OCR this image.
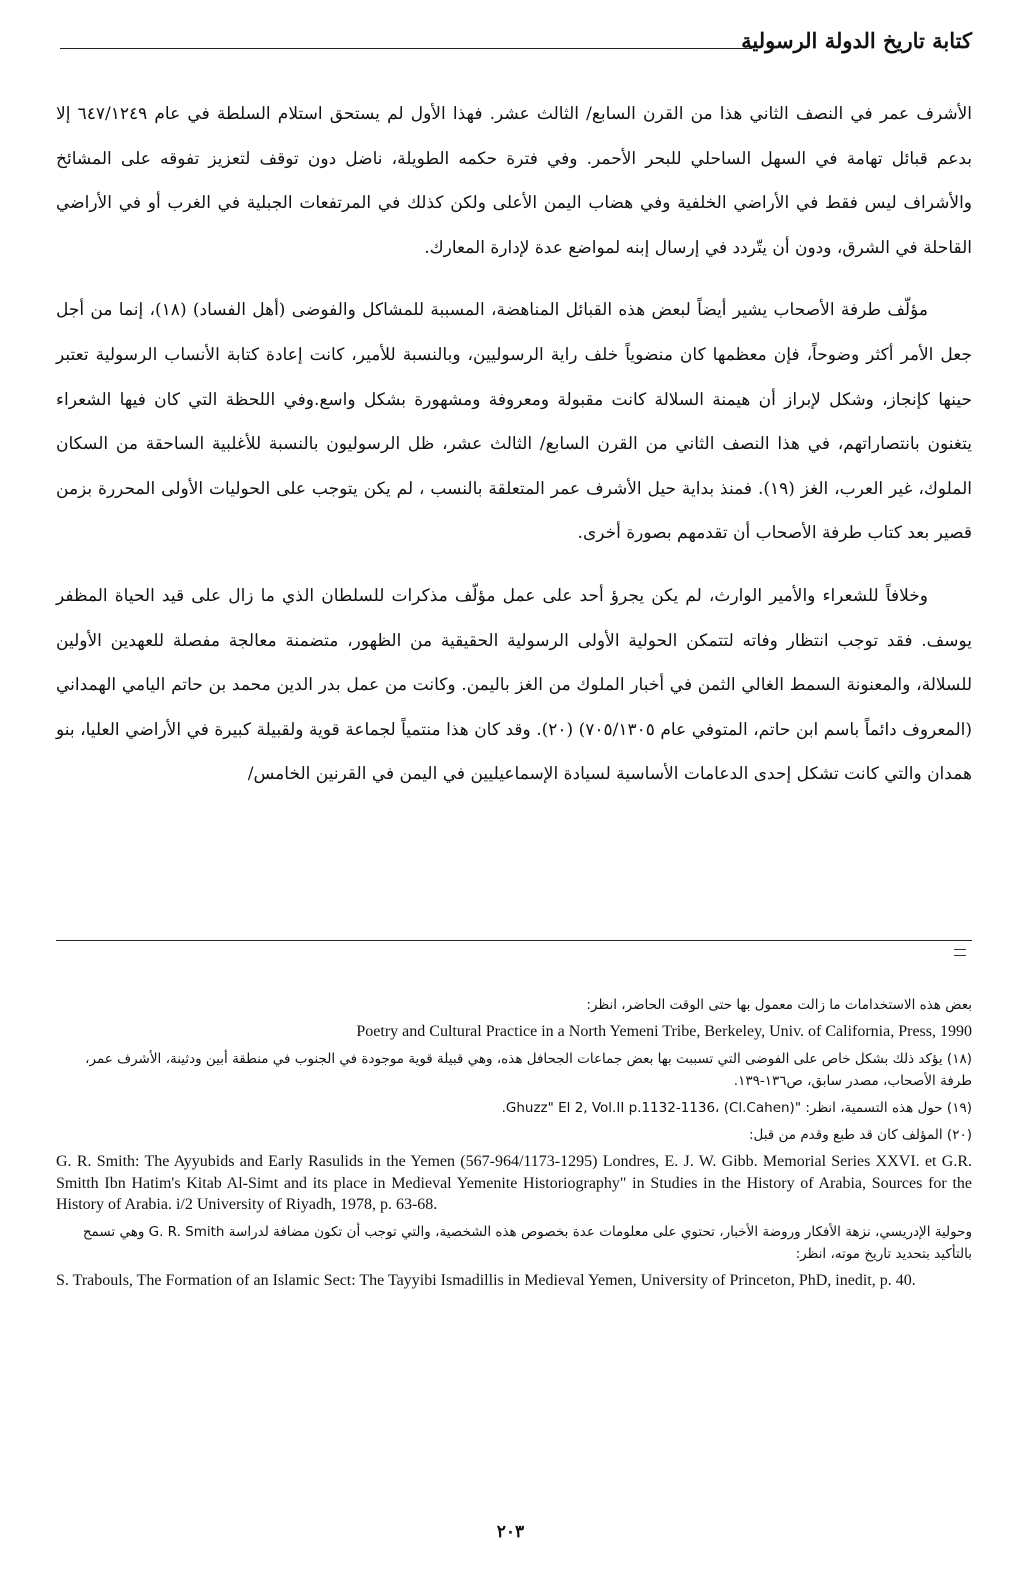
كتابة تاريخ الدولة الرسولية

الأشرف عمر في النصف الثاني هذا من القرن السابع/ الثالث عشر. فهذا الأول لم يستحق استلام السلطة في عام ٦٤٧/١٢٤٩ إلا بدعم قبائل تهامة في السهل الساحلي للبحر الأحمر. وفي فترة حكمه الطويلة، ناضل دون توقف لتعزيز تفوقه على المشائخ والأشراف ليس فقط في الأراضي الخلفية وفي هضاب اليمن الأعلى ولكن كذلك في المرتفعات الجبلية في الغرب أو في الأراضي القاحلة في الشرق، ودون أن يتّردد في إرسال إبنه لمواضع عدة لإدارة المعارك.

مؤلّف طرفة الأصحاب يشير أيضاً لبعض هذه القبائل المناهضة، المسببة للمشاكل والفوضى (أهل الفساد) (١٨)، إنما من أجل جعل الأمر أكثر وضوحاً، فإن معظمها كان منضوياً خلف راية الرسوليين، وبالنسبة للأمير، كانت إعادة كتابة الأنساب الرسولية تعتبر حينها كإنجاز، وشكل لإبراز أن هيمنة السلالة كانت مقبولة ومعروفة ومشهورة بشكل واسع.وفي اللحظة التي كان فيها الشعراء يتغنون بانتصاراتهم، في هذا النصف الثاني من القرن السابع/ الثالث عشر، ظل الرسوليون بالنسبة للأغلبية الساحقة من السكان الملوك، غير العرب، الغز (١٩). فمنذ بداية حيل الأشرف عمر المتعلقة بالنسب ، لم يكن يتوجب على الحوليات الأولى المحررة بزمن قصير بعد كتاب طرفة الأصحاب أن تقدمهم بصورة أخرى.

وخلافاً للشعراء والأمير الوارث، لم يكن يجرؤ أحد على عمل مؤلّف مذكرات للسلطان الذي ما زال على قيد الحياة المظفر يوسف. فقد توجب انتظار وفاته لتتمكن الحولية الأولى الرسولية الحقيقية من الظهور، متضمنة معالجة مفصلة للعهدين الأولين للسلالة، والمعنونة السمط الغالي الثمن في أخبار الملوك من الغز باليمن. وكانت من عمل بدر الدين محمد بن حاتم اليامي الهمداني (المعروف دائماً باسم ابن حاتم، المتوفي عام ٧٠٥/١٣٠٥) (٢٠). وقد كان هذا منتمياً لجماعة قوية ولقبيلة كبيرة في الأراضي العليا، بنو همدان والتي كانت تشكل إحدى الدعامات الأساسية لسيادة الإسماعيليين في اليمن في القرنين الخامس/

بعض هذه الاستخدامات ما زالت معمول بها حتى الوقت الحاضر، انظر:
Poetry and Cultural Practice in a North Yemeni Tribe, Berkeley, Univ. of California, Press, 1990
(١٨) يؤكد ذلك بشكل خاص على الفوضى التي تسببت بها بعض جماعات الجحافل هذه، وهي قبيلة قوية موجودة في الجنوب في منطقة أبين ودثينة، الأشرف عمر، طرفة الأصحاب، مصدر سابق، ص١٣٦-١٣٩.
(١٩) حول هذه التسمية، انظر: "Ghuzz" El 2, Vol.II p.1132-1136، (Cl.Cahen).
(٢٠) المؤلف كان قد طبع وقدم من قبل:
G. R. Smith: The Ayyubids and Early Rasulids in the Yemen (567-964/1173-1295) Londres, E. J. W. Gibb. Memorial Series XXVI. et G.R. Smitth Ibn Hatim's Kitab Al-Simt and its place in Medieval Yemenite Historiography" in Studies in the History of Arabia, Sources for the History of Arabia. i/2 University of Riyadh, 1978, p. 63-68.
وحولية الإدريسي، نزهة الأفكار وروضة الأخبار، تحتوي على معلومات عدة بخصوص هذه الشخصية، والتي توجب أن تكون مضافة لدراسة G. R. Smith وهي تسمح بالتأكيد بتحديد تاريخ موته، انظر:
S. Trabouls, The Formation of an Islamic Sect: The Tayyibi Ismadillis in Medieval Yemen, University of Princeton, PhD, inedit, p. 40.
٢٠٣
